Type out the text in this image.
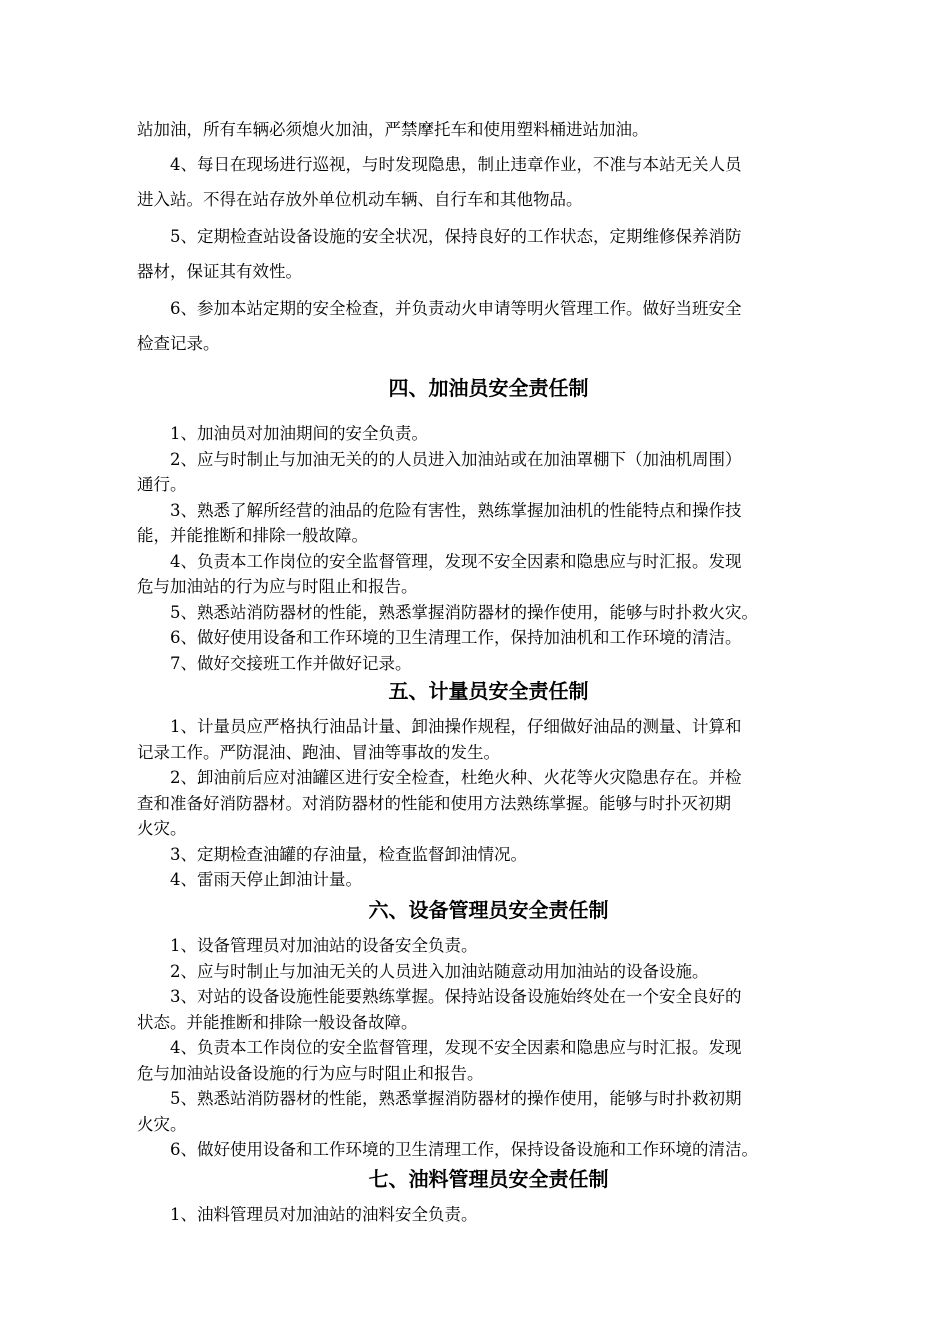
站加油，所有车辆必须熄火加油，严禁摩托车和使用塑料桶进站加油。
4、每日在现场进行巡视，与时发现隐患，制止违章作业，不准与本站无关人员
进入站。不得在站存放外单位机动车辆、自行车和其他物品。
5、定期检查站设备设施的安全状况，保持良好的工作状态，定期维修保养消防
器材，保证其有效性。
6、参加本站定期的安全检查，并负责动火申请等明火管理工作。做好当班安全
检查记录。
四、加油员安全责任制
1、加油员对加油期间的安全负责。
2、应与时制止与加油无关的的人员进入加油站或在加油罩棚下（加油机周围）
通行。
3、熟悉了解所经营的油品的危险有害性，熟练掌握加油机的性能特点和操作技
能，并能推断和排除一般故障。
4、负责本工作岗位的安全监督管理，发现不安全因素和隐患应与时汇报。发现
危与加油站的行为应与时阻止和报告。
5、熟悉站消防器材的性能，熟悉掌握消防器材的操作使用，能够与时扑救火灾。
6、做好使用设备和工作环境的卫生清理工作，保持加油机和工作环境的清洁。
7、做好交接班工作并做好记录。
五、计量员安全责任制
1、计量员应严格执行油品计量、卸油操作规程，仔细做好油品的测量、计算和
记录工作。严防混油、跑油、冒油等事故的发生。
2、卸油前后应对油罐区进行安全检查，杜绝火种、火花等火灾隐患存在。并检
查和准备好消防器材。对消防器材的性能和使用方法熟练掌握。能够与时扑灭初期
火灾。
3、定期检查油罐的存油量，检查监督卸油情况。
4、雷雨天停止卸油计量。
六、设备管理员安全责任制
1、设备管理员对加油站的设备安全负责。
2、应与时制止与加油无关的人员进入加油站随意动用加油站的设备设施。
3、对站的设备设施性能要熟练掌握。保持站设备设施始终处在一个安全良好的
状态。并能推断和排除一般设备故障。
4、负责本工作岗位的安全监督管理，发现不安全因素和隐患应与时汇报。发现
危与加油站设备设施的行为应与时阻止和报告。
5、熟悉站消防器材的性能，熟悉掌握消防器材的操作使用，能够与时扑救初期
火灾。
6、做好使用设备和工作环境的卫生清理工作，保持设备设施和工作环境的清洁。
七、油料管理员安全责任制
1、油料管理员对加油站的油料安全负责。
